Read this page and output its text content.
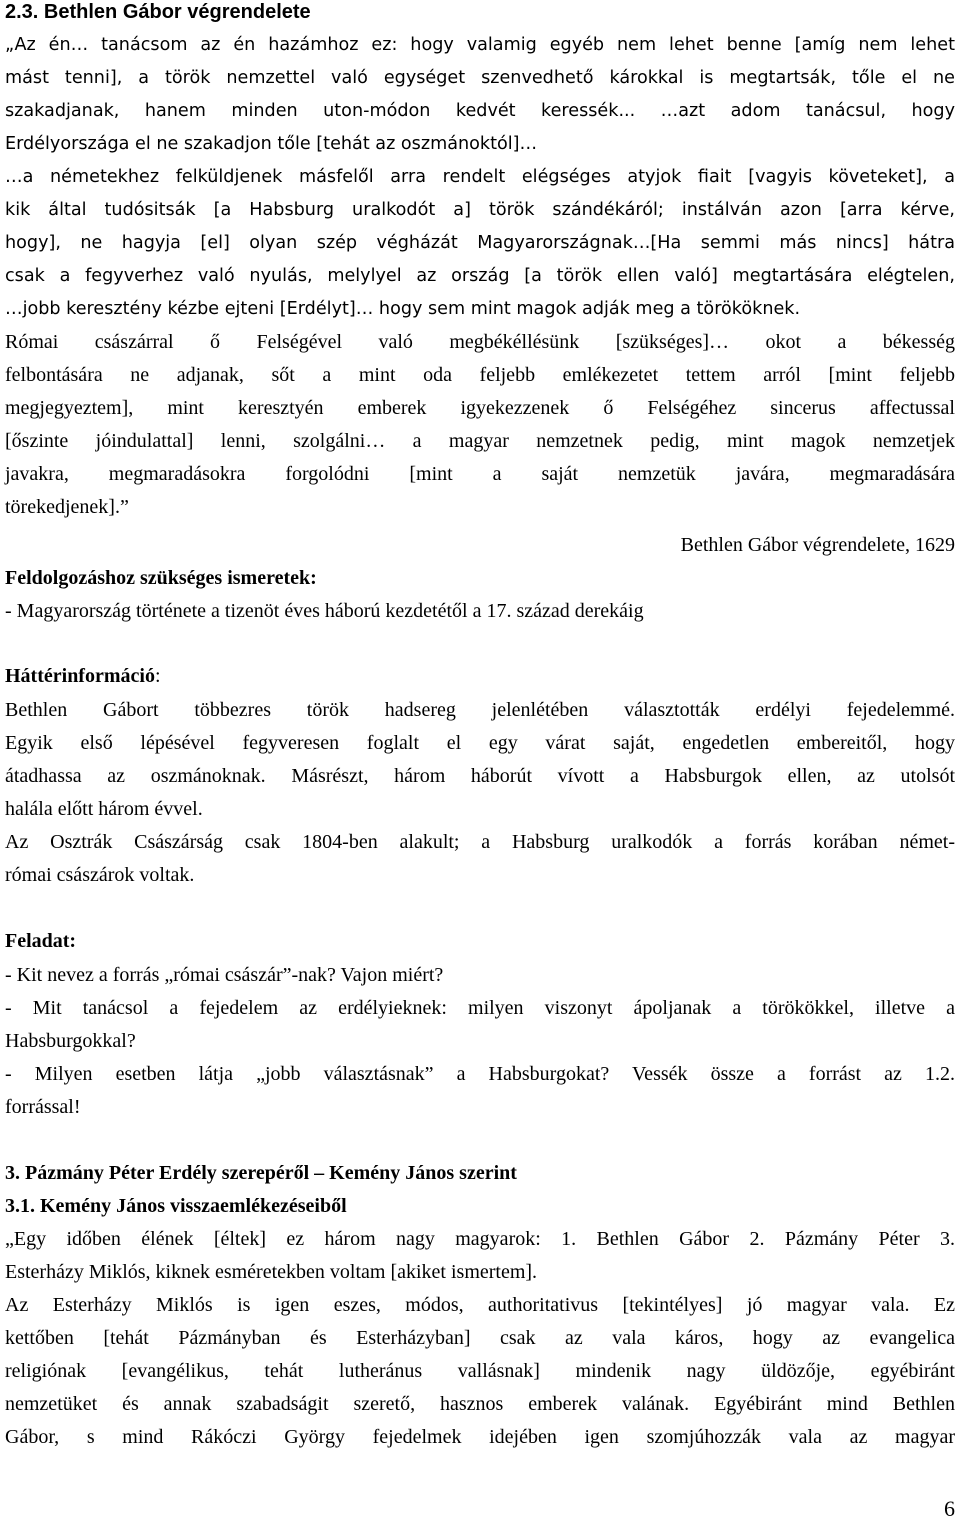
2.3. Bethlen Gábor végrendelete
„Az én… tanácsom az én hazámhoz ez: hogy valamig egyéb nem lehet benne [amíg nem lehet
mást tenni], a török nemzettel való egységet szenvedhető károkkal is megtartsák, tőle el ne
szakadjanak, hanem minden uton-módon kedvét keressék... …azt adom tanácsul, hogy
Erdélyországa el ne szakadjon tőle [tehát az oszmánoktól]…
…a németekhez felküldjenek másfelől arra rendelt elégséges atyjok fiait [vagyis követeket], a
kik által tudósitsák [a Habsburg uralkodót a] török szándékáról; instálván azon [arra kérve,
hogy], ne hagyja [el] olyan szép végházát Magyarországnak…[Ha semmi más nincs] hátra
csak a fegyverhez való nyulás, melylyel az ország [a török ellen való] megtartására elégtelen,
…jobb keresztény kézbe ejteni [Erdélyt]… hogy sem mint magok adják meg a törököknek.
Római császárral ő Felségével való megbékéllésünk [szükséges]… okot a békesség
felbontására ne adjanak, sőt a mint oda feljebb emlékezetet tettem arról [mint feljebb
megjegyeztem], mint keresztyén emberek igyekezzenek ő Felségéhez sincerus affectussal
[őszinte jóindulattal] lenni, szolgálni… a magyar nemzetnek pedig, mint magok nemzetjek
javakra, megmaradásokra forgolódni [mint a saját nemzetük javára, megmaradására
törekedjenek].”
Bethlen Gábor végrendelete, 1629
Feldolgozáshoz szükséges ismeretek:
- Magyarország története a tizenöt éves háború kezdetétől a 17. század derekáig
Háttérinformáció:
Bethlen Gábort többezres török hadsereg jelenlétében választották erdélyi fejedelemmé.
Egyik első lépésével fegyveresen foglalt el egy várat saját, engedetlen embereitől, hogy
átadhassa az oszmánoknak. Másrészt, három háborút vívott a Habsburgok ellen, az utolsót
halála előtt három évvel.
Az Osztrák Császárság csak 1804-ben alakult; a Habsburg uralkodók a forrás korában német-
római császárok voltak.
Feladat:
- Kit nevez a forrás „római császár”-nak? Vajon miért?
- Mit tanácsol a fejedelem az erdélyieknek: milyen viszonyt ápoljanak a törökökkel, illetve a
Habsburgokkal?
- Milyen esetben látja „jobb választásnak” a Habsburgokat? Vessék össze a forrást az 1.2.
forrással!
3. Pázmány Péter Erdély szerepéről – Kemény János szerint
3.1. Kemény János visszaemlékezéseiből
„Egy időben élének [éltek] ez három nagy magyarok: 1. Bethlen Gábor 2. Pázmány Péter 3.
Esterházy Miklós, kiknek esméretekben voltam [akiket ismertem].
Az Esterházy Miklós is igen eszes, módos, authoritativus [tekintélyes] jó magyar vala. Ez
kettőben [tehát Pázmányban és Esterházyban] csak az vala káros, hogy az evangelica
religiónak [evangélikus, tehát lutheránus vallásnak] mindenik nagy üldözője, egyébiránt
nemzetüket és annak szabadságit szerető, hasznos emberek valának. Egyébiránt mind Bethlen
Gábor, s mind Rákóczi György fejedelmek idejében igen szomjúhozzák vala az magyar
6
